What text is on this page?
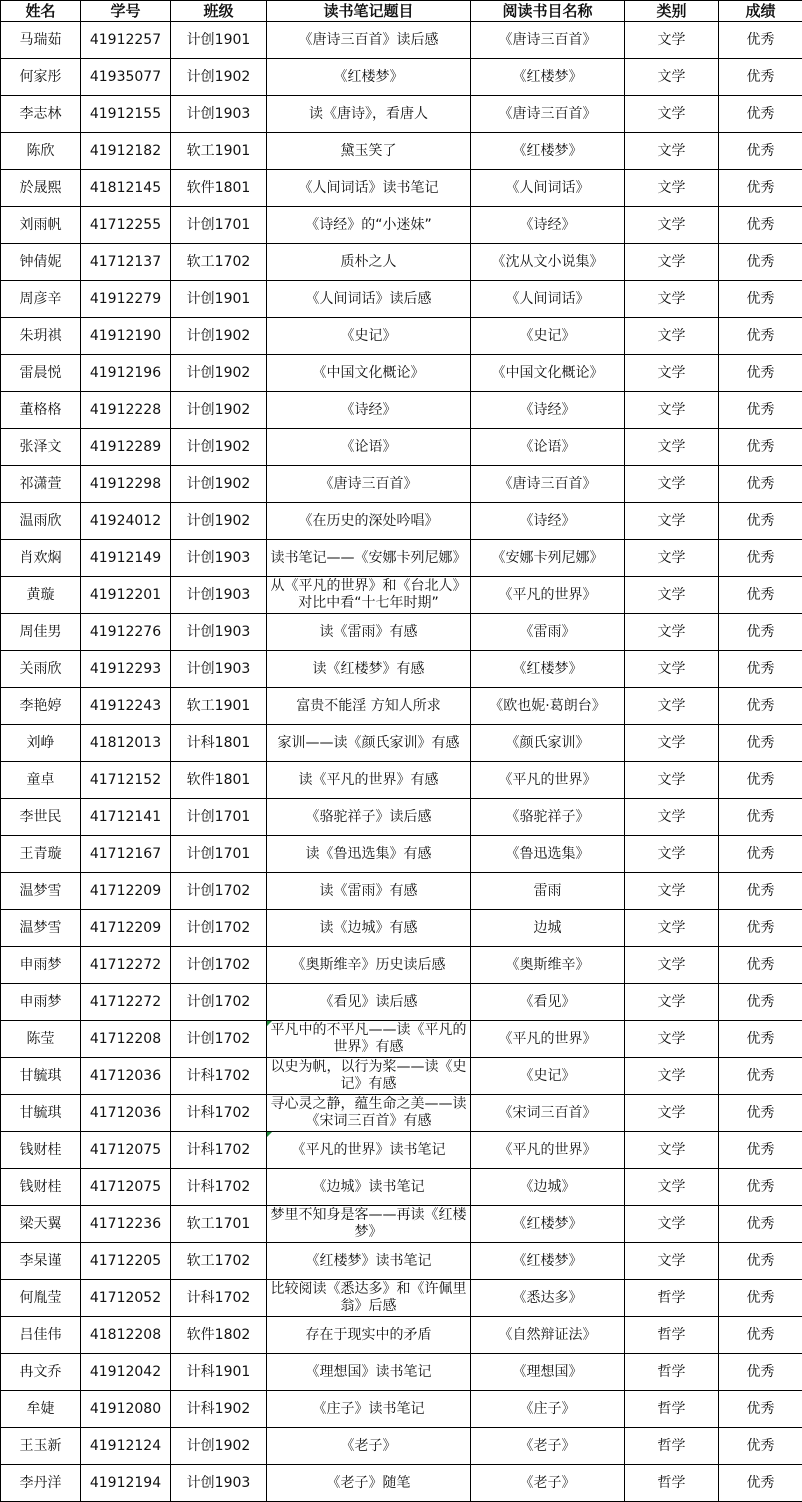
姓名	学号	班级	读书笔记题目	阅读书目名称	类别	成绩
马瑞茹	41912257	计创1901	《唐诗三百首》读后感	《唐诗三百首》	文学	优秀
何家彤	41935077	计创1902	《红楼梦》	《红楼梦》	文学	优秀
李志林	41912155	计创1903	读《唐诗》，看唐人	《唐诗三百首》	文学	优秀
陈欣	41912182	软工1901	黛玉笑了	《红楼梦》	文学	优秀
於晟熙	41812145	软件1801	《人间词话》读书笔记	《人间词话》	文学	优秀
刘雨帆	41712255	计创1701	《诗经》的“小迷妹”	《诗经》	文学	优秀
钟倩妮	41712137	软工1702	质朴之人	《沈从文小说集》	文学	优秀
周彦辛	41912279	计创1901	《人间词话》读后感	《人间词话》	文学	优秀
朱玥祺	41912190	计创1902	《史记》	《史记》	文学	优秀
雷晨悦	41912196	计创1902	《中国文化概论》	《中国文化概论》	文学	优秀
董格格	41912228	计创1902	《诗经》	《诗经》	文学	优秀
张泽文	41912289	计创1902	《论语》	《论语》	文学	优秀
祁潇萱	41912298	计创1902	《唐诗三百首》	《唐诗三百首》	文学	优秀
温雨欣	41924012	计创1902	《在历史的深处吟唱》	《诗经》	文学	优秀
肖欢焖	41912149	计创1903	读书笔记——《安娜卡列尼娜》	《安娜卡列尼娜》	文学	优秀
黄璇	41912201	计创1903	从《平凡的世界》和《台北人》对比中看“十七年时期”	《平凡的世界》	文学	优秀
周佳男	41912276	计创1903	读《雷雨》有感	《雷雨》	文学	优秀
关雨欣	41912293	计创1903	读《红楼梦》有感	《红楼梦》	文学	优秀
李艳婷	41912243	软工1901	富贵不能淫 方知人所求	《欧也妮·葛朗台》	文学	优秀
刘峥	41812013	计科1801	家训——读《颜氏家训》有感	《颜氏家训》	文学	优秀
童卓	41712152	软件1801	读《平凡的世界》有感	《平凡的世界》	文学	优秀
李世民	41712141	计创1701	《骆驼祥子》读后感	《骆驼祥子》	文学	优秀
王青璇	41712167	计创1701	读《鲁迅选集》有感	《鲁迅选集》	文学	优秀
温梦雪	41712209	计创1702	读《雷雨》有感	雷雨	文学	优秀
温梦雪	41712209	计创1702	读《边城》有感	边城	文学	优秀
申雨梦	41712272	计创1702	《奥斯维辛》历史读后感	《奥斯维辛》	文学	优秀
申雨梦	41712272	计创1702	《看见》读后感	《看见》	文学	优秀
陈莹	41712208	计创1702	平凡中的不平凡——读《平凡的世界》有感	《平凡的世界》	文学	优秀
甘毓琪	41712036	计科1702	以史为帆，以行为桨——读《史记》有感	《史记》	文学	优秀
甘毓琪	41712036	计科1702	寻心灵之静，蕴生命之美——读《宋词三百首》有感	《宋词三百首》	文学	优秀
钱财桂	41712075	计科1702	《平凡的世界》读书笔记	《平凡的世界》	文学	优秀
钱财桂	41712075	计科1702	《边城》读书笔记	《边城》	文学	优秀
梁天翼	41712236	软工1701	梦里不知身是客——再读《红楼梦》	《红楼梦》	文学	优秀
李杲谨	41712205	软工1702	《红楼梦》读书笔记	《红楼梦》	文学	优秀
何胤莹	41712052	计科1702	比较阅读《悉达多》和《许佩里翁》后感	《悉达多》	哲学	优秀
吕佳伟	41812208	软件1802	存在于现实中的矛盾	《自然辩证法》	哲学	优秀
冉文乔	41912042	计科1901	《理想国》读书笔记	《理想国》	哲学	优秀
牟婕	41912080	计科1902	《庄子》读书笔记	《庄子》	哲学	优秀
王玉新	41912124	计创1902	《老子》	《老子》	哲学	优秀
李丹洋	41912194	计创1903	《老子》随笔	《老子》	哲学	优秀
